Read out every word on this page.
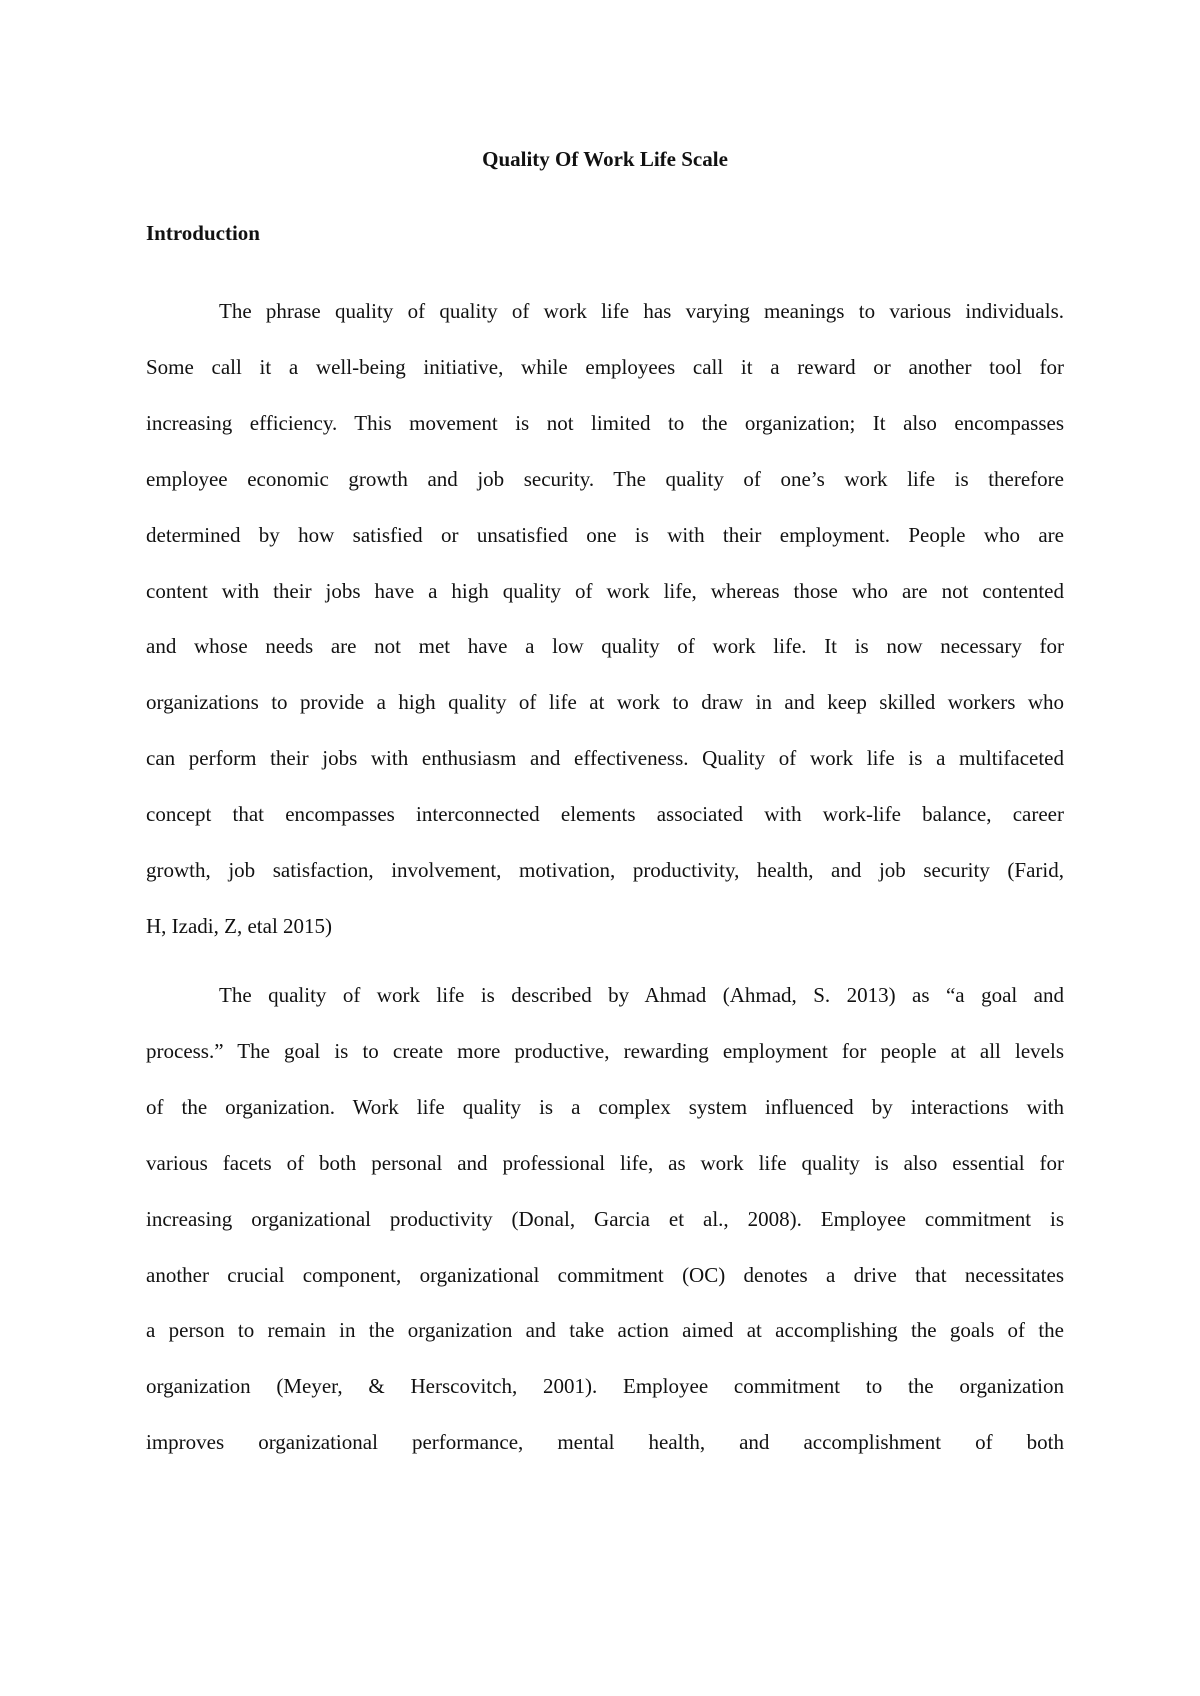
Quality Of Work Life Scale
Introduction
The phrase quality of quality of work life has varying meanings to various individuals.
Some call it a well-being initiative, while employees call it a reward or another tool for
increasing efficiency. This movement is not limited to the organization; It also encompasses
employee economic growth and job security. The quality of one’s work life is therefore
determined by how satisfied or unsatisfied one is with their employment. People who are
content with their jobs have a high quality of work life, whereas those who are not contented
and whose needs are not met have a low quality of work life. It is now necessary for
organizations to provide a high quality of life at work to draw in and keep skilled workers who
can perform their jobs with enthusiasm and effectiveness. Quality of work life is a multifaceted
concept that encompasses interconnected elements associated with work-life balance, career
growth, job satisfaction, involvement, motivation, productivity, health, and job security (Farid,
H, Izadi, Z, etal 2015)
The quality of work life is described by Ahmad (Ahmad, S. 2013) as “a goal and
process.” The goal is to create more productive, rewarding employment for people at all levels
of the organization. Work life quality is a complex system influenced by interactions with
various facets of both personal and professional life, as work life quality is also essential for
increasing organizational productivity (Donal, Garcia et al., 2008). Employee commitment is
another crucial component, organizational commitment (OC) denotes a drive that necessitates
a person to remain in the organization and take action aimed at accomplishing the goals of the
organization (Meyer, & Herscovitch, 2001). Employee commitment to the organization
improves organizational performance, mental health, and accomplishment of both
